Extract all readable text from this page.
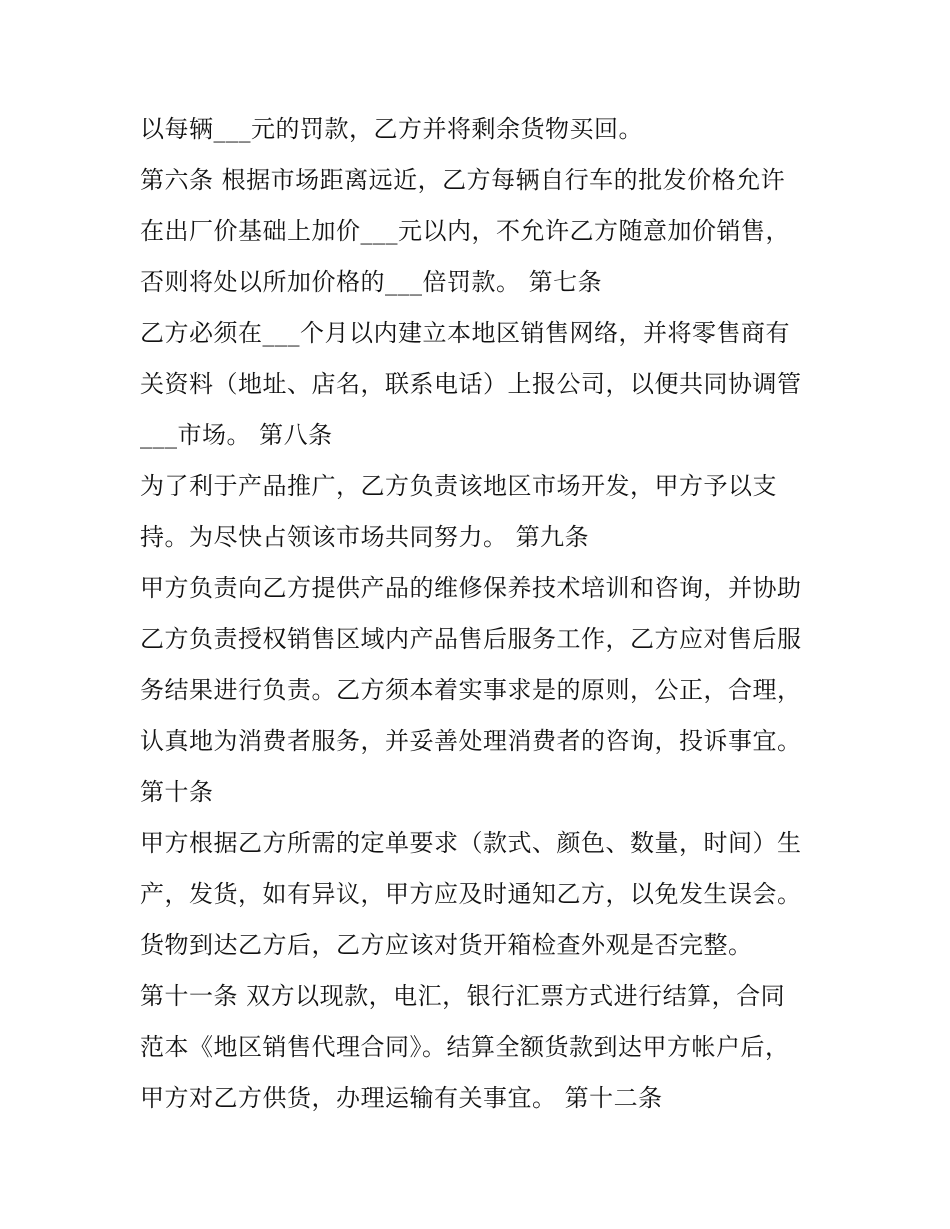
以每辆___元的罚款，乙方并将剩余货物买回。
第六条 根据市场距离远近，乙方每辆自行车的批发价格允许
在出厂价基础上加价___元以内，不允许乙方随意加价销售，
否则将处以所加价格的___倍罚款。 第七条
乙方必须在___个月以内建立本地区销售网络，并将零售商有
关资料（地址、店名，联系电话）上报公司，以便共同协调管
___市场。 第八条
为了利于产品推广，乙方负责该地区市场开发，甲方予以支
持。为尽快占领该市场共同努力。 第九条
甲方负责向乙方提供产品的维修保养技术培训和咨询，并协助
乙方负责授权销售区域内产品售后服务工作，乙方应对售后服
务结果进行负责。乙方须本着实事求是的原则，公正，合理，
认真地为消费者服务，并妥善处理消费者的咨询，投诉事宜。
第十条
甲方根据乙方所需的定单要求（款式、颜色、数量，时间）生
产，发货，如有异议，甲方应及时通知乙方，以免发生误会。
货物到达乙方后，乙方应该对货开箱检查外观是否完整。
第十一条 双方以现款，电汇，银行汇票方式进行结算，合同
范本《地区销售代理合同》。结算全额货款到达甲方帐户后，
甲方对乙方供货，办理运输有关事宜。 第十二条
